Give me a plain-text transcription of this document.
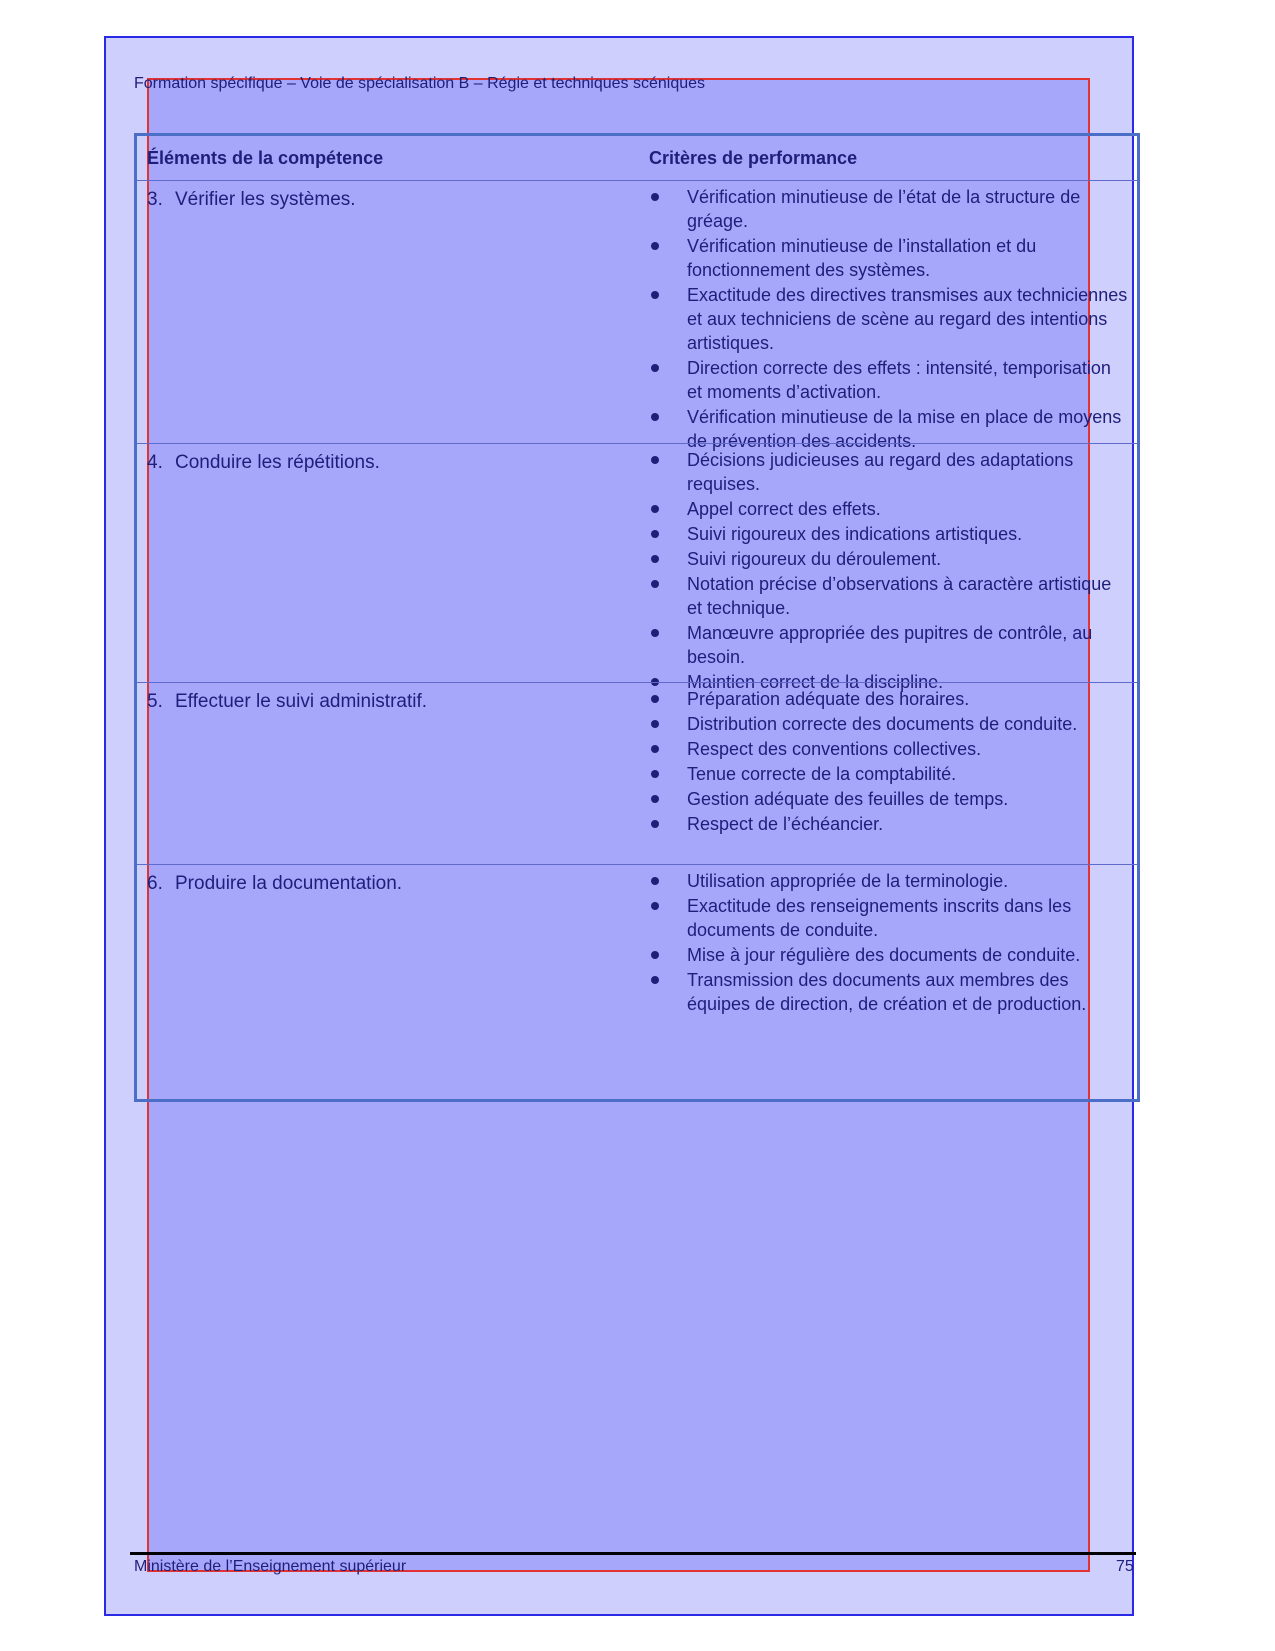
Formation spécifique – Voie de spécialisation B – Régie et techniques scéniques
Éléments de la compétence	Critères de performance
3. Vérifier les systèmes.	Vérification minutieuse de l’état de la structure de gréage.
Vérification minutieuse de l’installation et du fonctionnement des systèmes.
Exactitude des directives transmises aux techniciennes et aux techniciens de scène au regard des intentions artistiques.
Direction correcte des effets : intensité, temporisation et moments d’activation.
Vérification minutieuse de la mise en place de moyens de prévention des accidents.
4. Conduire les répétitions.	Décisions judicieuses au regard des adaptations requises.
Appel correct des effets.
Suivi rigoureux des indications artistiques.
Suivi rigoureux du déroulement.
Notation précise d’observations à caractère artistique et technique.
Manœuvre appropriée des pupitres de contrôle, au besoin.
Maintien correct de la discipline.
5. Effectuer le suivi administratif.	Préparation adéquate des horaires.
Distribution correcte des documents de conduite.
Respect des conventions collectives.
Tenue correcte de la comptabilité.
Gestion adéquate des feuilles de temps.
Respect de l’échéancier.
6. Produire la documentation.	Utilisation appropriée de la terminologie.
Exactitude des renseignements inscrits dans les documents de conduite.
Mise à jour régulière des documents de conduite.
Transmission des documents aux membres des équipes de direction, de création et de production.
Ministère de l’Enseignement supérieur	75
